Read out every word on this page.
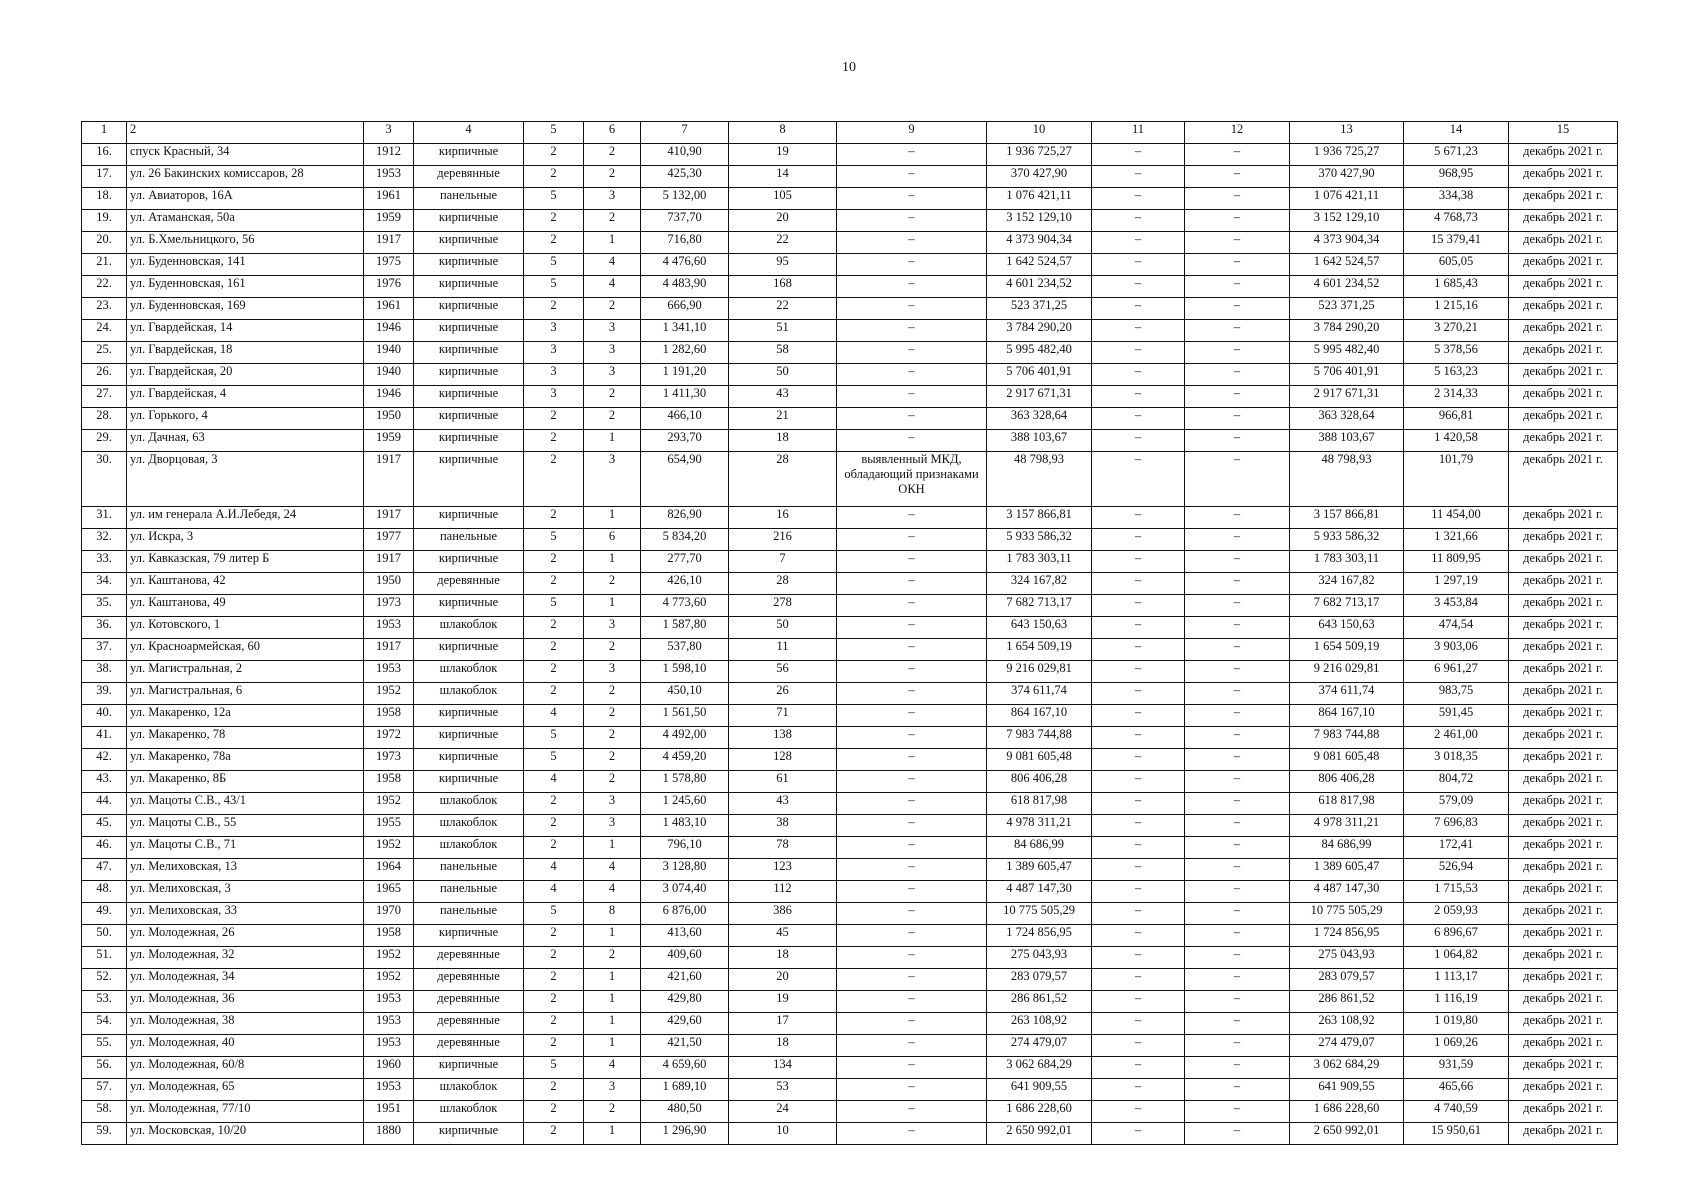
10
1	2	3	4	5	6	7	8	9	10	11	12	13	14	15
16.	спуск Красный, 34	1912	кирпичные	2	2	410,90	19	–	1 936 725,27	–	–	1 936 725,27	5 671,23	декабрь 2021 г.
17.	ул. 26 Бакинских комиссаров, 28	1953	деревянные	2	2	425,30	14	–	370 427,90	–	–	370 427,90	968,95	декабрь 2021 г.
18.	ул. Авиаторов, 16А	1961	панельные	5	3	5 132,00	105	–	1 076 421,11	–	–	1 076 421,11	334,38	декабрь 2021 г.
19.	ул. Атаманская, 50а	1959	кирпичные	2	2	737,70	20	–	3 152 129,10	–	–	3 152 129,10	4 768,73	декабрь 2021 г.
20.	ул. Б.Хмельницкого, 56	1917	кирпичные	2	1	716,80	22	–	4 373 904,34	–	–	4 373 904,34	15 379,41	декабрь 2021 г.
21.	ул. Буденновская, 141	1975	кирпичные	5	4	4 476,60	95	–	1 642 524,57	–	–	1 642 524,57	605,05	декабрь 2021 г.
22.	ул. Буденновская, 161	1976	кирпичные	5	4	4 483,90	168	–	4 601 234,52	–	–	4 601 234,52	1 685,43	декабрь 2021 г.
23.	ул. Буденновская, 169	1961	кирпичные	2	2	666,90	22	–	523 371,25	–	–	523 371,25	1 215,16	декабрь 2021 г.
24.	ул. Гвардейская, 14	1946	кирпичные	3	3	1 341,10	51	–	3 784 290,20	–	–	3 784 290,20	3 270,21	декабрь 2021 г.
25.	ул. Гвардейская, 18	1940	кирпичные	3	3	1 282,60	58	–	5 995 482,40	–	–	5 995 482,40	5 378,56	декабрь 2021 г.
26.	ул. Гвардейская, 20	1940	кирпичные	3	3	1 191,20	50	–	5 706 401,91	–	–	5 706 401,91	5 163,23	декабрь 2021 г.
27.	ул. Гвардейская, 4	1946	кирпичные	3	2	1 411,30	43	–	2 917 671,31	–	–	2 917 671,31	2 314,33	декабрь 2021 г.
28.	ул. Горького, 4	1950	кирпичные	2	2	466,10	21	–	363 328,64	–	–	363 328,64	966,81	декабрь 2021 г.
29.	ул. Дачная, 63	1959	кирпичные	2	1	293,70	18	–	388 103,67	–	–	388 103,67	1 420,58	декабрь 2021 г.
30.	ул. Дворцовая, 3	1917	кирпичные	2	3	654,90	28	выявленный МКД, обладающий признаками ОКН	48 798,93	–	–	48 798,93	101,79	декабрь 2021 г.
31.	ул. им генерала А.И.Лебедя, 24	1917	кирпичные	2	1	826,90	16	–	3 157 866,81	–	–	3 157 866,81	11 454,00	декабрь 2021 г.
32.	ул. Искра, 3	1977	панельные	5	6	5 834,20	216	–	5 933 586,32	–	–	5 933 586,32	1 321,66	декабрь 2021 г.
33.	ул. Кавказская, 79 литер Б	1917	кирпичные	2	1	277,70	7	–	1 783 303,11	–	–	1 783 303,11	11 809,95	декабрь 2021 г.
34.	ул. Каштанова, 42	1950	деревянные	2	2	426,10	28	–	324 167,82	–	–	324 167,82	1 297,19	декабрь 2021 г.
35.	ул. Каштанова, 49	1973	кирпичные	5	1	4 773,60	278	–	7 682 713,17	–	–	7 682 713,17	3 453,84	декабрь 2021 г.
36.	ул. Котовского, 1	1953	шлакоблок	2	3	1 587,80	50	–	643 150,63	–	–	643 150,63	474,54	декабрь 2021 г.
37.	ул. Красноармейская, 60	1917	кирпичные	2	2	537,80	11	–	1 654 509,19	–	–	1 654 509,19	3 903,06	декабрь 2021 г.
38.	ул. Магистральная, 2	1953	шлакоблок	2	3	1 598,10	56	–	9 216 029,81	–	–	9 216 029,81	6 961,27	декабрь 2021 г.
39.	ул. Магистральная, 6	1952	шлакоблок	2	2	450,10	26	–	374 611,74	–	–	374 611,74	983,75	декабрь 2021 г.
40.	ул. Макаренко, 12а	1958	кирпичные	4	2	1 561,50	71	–	864 167,10	–	–	864 167,10	591,45	декабрь 2021 г.
41.	ул. Макаренко, 78	1972	кирпичные	5	2	4 492,00	138	–	7 983 744,88	–	–	7 983 744,88	2 461,00	декабрь 2021 г.
42.	ул. Макаренко, 78а	1973	кирпичные	5	2	4 459,20	128	–	9 081 605,48	–	–	9 081 605,48	3 018,35	декабрь 2021 г.
43.	ул. Макаренко, 8Б	1958	кирпичные	4	2	1 578,80	61	–	806 406,28	–	–	806 406,28	804,72	декабрь 2021 г.
44.	ул. Мацоты С.В., 43/1	1952	шлакоблок	2	3	1 245,60	43	–	618 817,98	–	–	618 817,98	579,09	декабрь 2021 г.
45.	ул. Мацоты С.В., 55	1955	шлакоблок	2	3	1 483,10	38	–	4 978 311,21	–	–	4 978 311,21	7 696,83	декабрь 2021 г.
46.	ул. Мацоты С.В., 71	1952	шлакоблок	2	1	796,10	78	–	84 686,99	–	–	84 686,99	172,41	декабрь 2021 г.
47.	ул. Мелиховская, 13	1964	панельные	4	4	3 128,80	123	–	1 389 605,47	–	–	1 389 605,47	526,94	декабрь 2021 г.
48.	ул. Мелиховская, 3	1965	панельные	4	4	3 074,40	112	–	4 487 147,30	–	–	4 487 147,30	1 715,53	декабрь 2021 г.
49.	ул. Мелиховская, 33	1970	панельные	5	8	6 876,00	386	–	10 775 505,29	–	–	10 775 505,29	2 059,93	декабрь 2021 г.
50.	ул. Молодежная, 26	1958	кирпичные	2	1	413,60	45	–	1 724 856,95	–	–	1 724 856,95	6 896,67	декабрь 2021 г.
51.	ул. Молодежная, 32	1952	деревянные	2	2	409,60	18	–	275 043,93	–	–	275 043,93	1 064,82	декабрь 2021 г.
52.	ул. Молодежная, 34	1952	деревянные	2	1	421,60	20	–	283 079,57	–	–	283 079,57	1 113,17	декабрь 2021 г.
53.	ул. Молодежная, 36	1953	деревянные	2	1	429,80	19	–	286 861,52	–	–	286 861,52	1 116,19	декабрь 2021 г.
54.	ул. Молодежная, 38	1953	деревянные	2	1	429,60	17	–	263 108,92	–	–	263 108,92	1 019,80	декабрь 2021 г.
55.	ул. Молодежная, 40	1953	деревянные	2	1	421,50	18	–	274 479,07	–	–	274 479,07	1 069,26	декабрь 2021 г.
56.	ул. Молодежная, 60/8	1960	кирпичные	5	4	4 659,60	134	–	3 062 684,29	–	–	3 062 684,29	931,59	декабрь 2021 г.
57.	ул. Молодежная, 65	1953	шлакоблок	2	3	1 689,10	53	–	641 909,55	–	–	641 909,55	465,66	декабрь 2021 г.
58.	ул. Молодежная, 77/10	1951	шлакоблок	2	2	480,50	24	–	1 686 228,60	–	–	1 686 228,60	4 740,59	декабрь 2021 г.
59.	ул. Московская, 10/20	1880	кирпичные	2	1	1 296,90	10	–	2 650 992,01	–	–	2 650 992,01	15 950,61	декабрь 2021 г.
